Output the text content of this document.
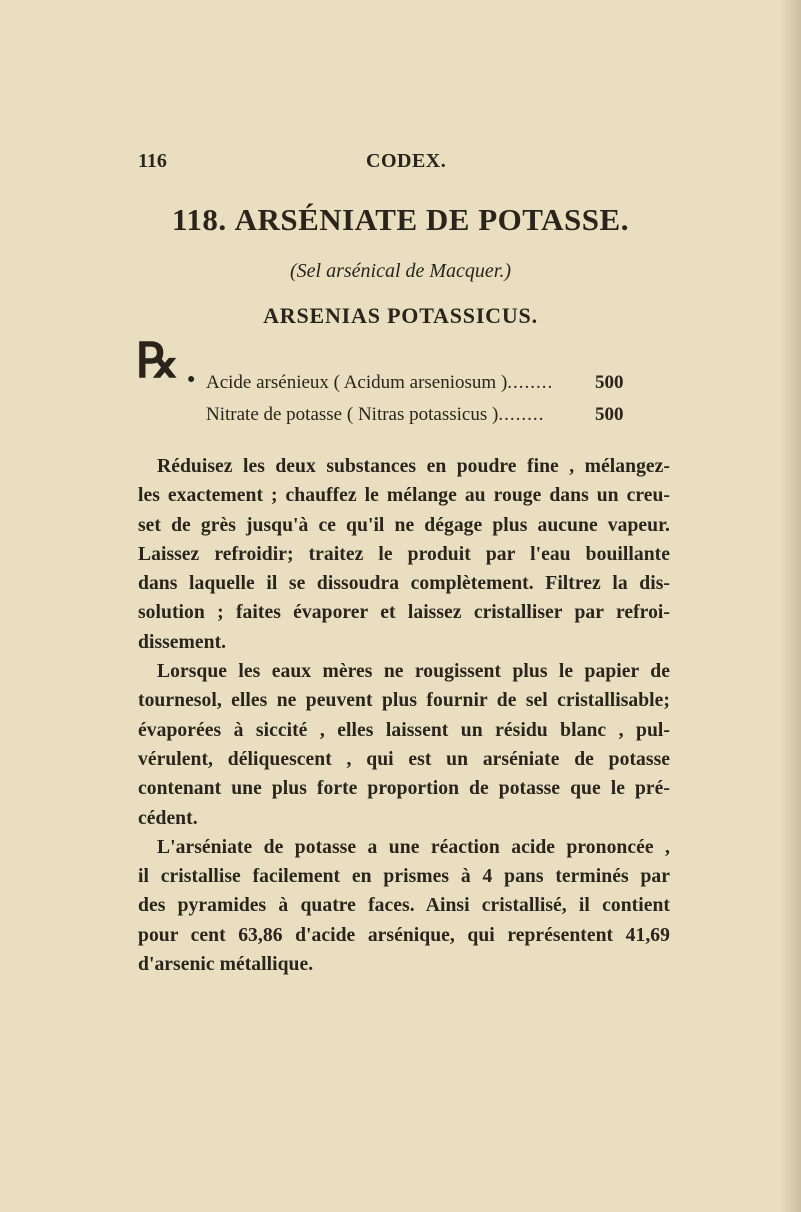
116	CODEX.
118. ARSÉNIATE DE POTASSE.
(Sel arsénical de Macquer.)
ARSENIAS POTASSICUS.
℞ ● Acide arsénieux ( Acidum arseniosum )........	500
Nitrate de potasse ( Nitras potassicus )........	500
Réduisez les deux substances en poudre fine , mélangez-
les exactement ; chauffez le mélange au rouge dans un creu-
set de grès jusqu'à ce qu'il ne dégage plus aucune vapeur.
Laissez refroidir; traitez le produit par l'eau bouillante
dans laquelle il se dissoudra complètement. Filtrez la dis-
solution ; faites évaporer et laissez cristalliser par refroi-
dissement.
Lorsque les eaux mères ne rougissent plus le papier de
tournesol, elles ne peuvent plus fournir de sel cristallisable;
évaporées à siccité , elles laissent un résidu blanc , pul-
vérulent, déliquescent , qui est un arséniate de potasse
contenant une plus forte proportion de potasse que le pré-
cédent.
L'arséniate de potasse a une réaction acide prononcée ,
il cristallise facilement en prismes à 4 pans terminés par
des pyramides à quatre faces. Ainsi cristallisé, il contient
pour cent 63,86 d'acide arsénique, qui représentent 41,69
d'arsenic métallique.
